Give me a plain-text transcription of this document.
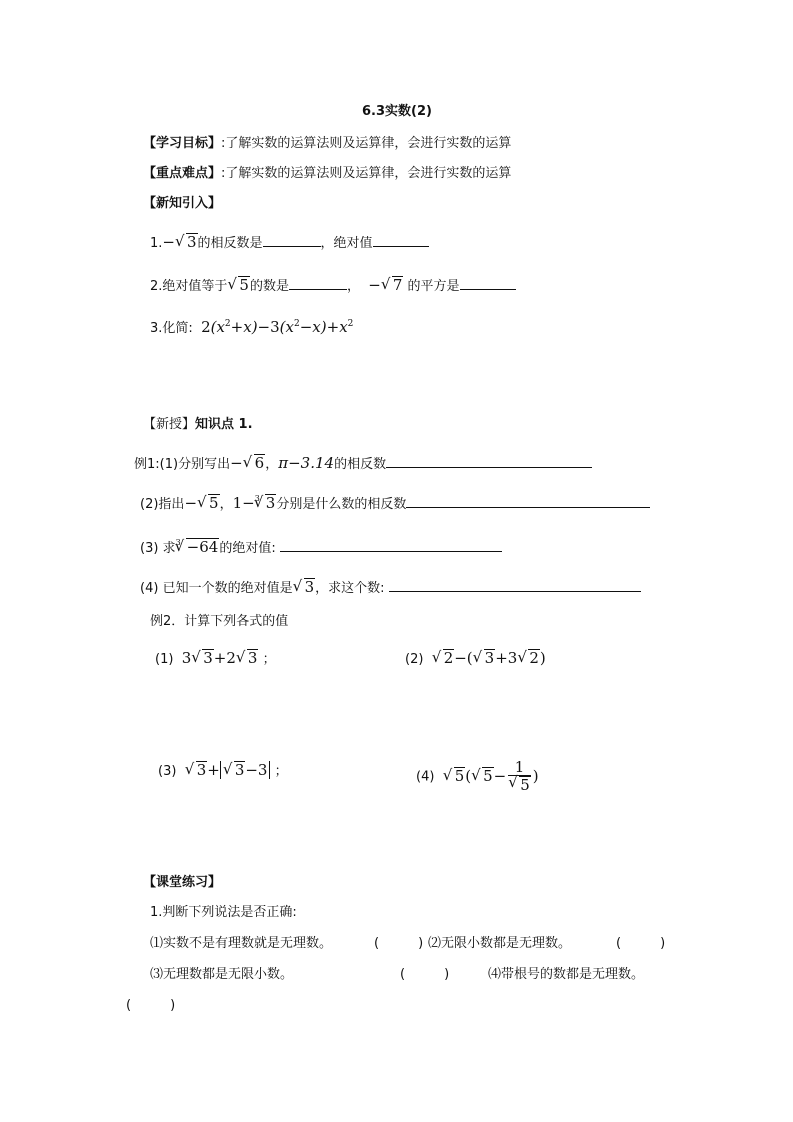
6.3实数(2)
【学习目标】:了解实数的运算法则及运算律，会进行实数的运算
【重点难点】:了解实数的运算法则及运算律，会进行实数的运算
【新知引入】
1.− √ 3的相反数是	，绝对值
2.绝对值等于 √ 5的数是	， − √ 7 的平方是
3.化简: $2(x^2+x)-3(x^2-x)+x^2$
【新授】知识点 1.
例1:(1)分别写出− √ 6，π−3.14的相反数
(2)指出− √ 5，1−$^3$ √ 3分别是什么数的相反数
(3) 求$^3$ √ −64的绝对值:
(4) 已知一个数的绝对值是 √ 3，求这个数:
例2．计算下列各式的值
(1) 3 √ 3+2 √ 3 ；	(2) √ 2−( √ 3+3 √ 2)
(3) √ 3+ √ 3−3 ；	(4) √ 5( √ 5− 1
√ 5 )
【课堂练习】
1.判断下列说法是否正确:
⑴实数不是有理数就是无理数。	(　　　) ⑵无限小数都是无理数。	(　　　)
⑶无理数都是无限小数。	(　　　)	⑷带根号的数都是无理数。
(　　　)
